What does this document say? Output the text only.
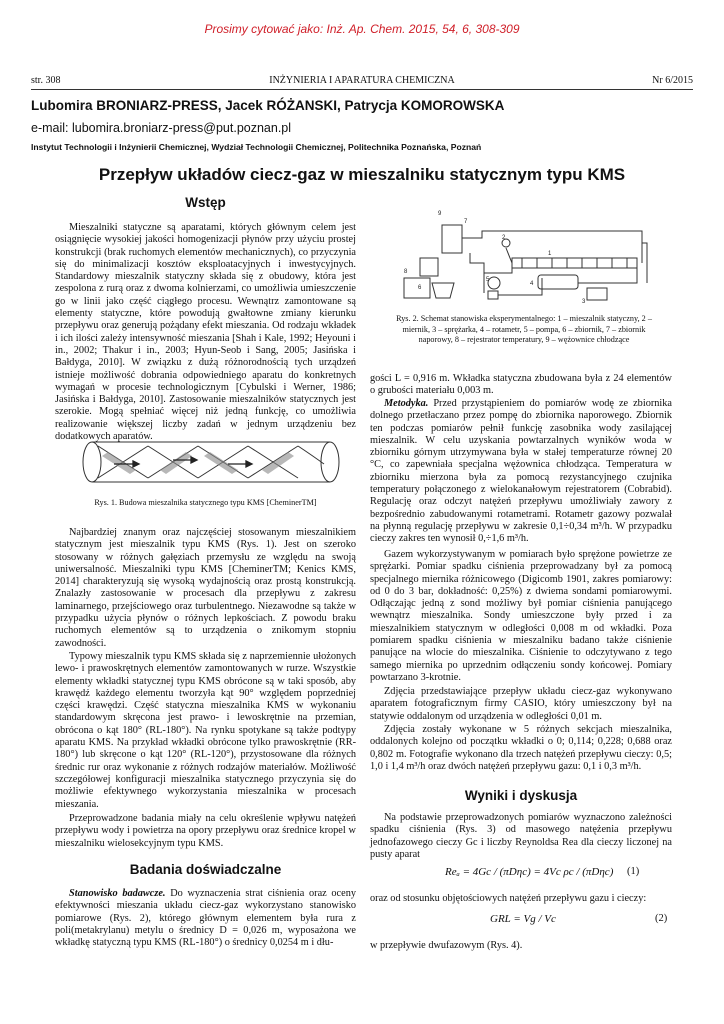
Prosimy cytować jako: Inż. Ap. Chem. 2015, 54, 6, 308-309
str. 308	INŻYNIERIA I APARATURA CHEMICZNA	Nr 6/2015
Lubomira BRONIARZ-PRESS, Jacek RÓŻANSKI, Patrycja KOMOROWSKA
e-mail: lubomira.broniarz-press@put.poznan.pl
Instytut Technologii i Inżynierii Chemicznej, Wydział Technologii Chemicznej, Politechnika Poznańska, Poznań
Przepływ układów ciecz-gaz w mieszalniku statycznym typu KMS
Wstęp

Mieszalniki statyczne są aparatami, których głównym celem jest osiągnięcie wysokiej jakości homogenizacji płynów przy użyciu prostej konstrukcji (brak ruchomych elementów mechanicznych), co przyczynia się do minimalizacji kosztów eksploatacyjnych i inwestycyjnych. Standardowy mieszalnik statyczny składa się z obudowy, która jest zespolona z rurą oraz z dwoma kolnierzami, co umożliwia umieszczenie go w linii jako część ciągłego procesu. Wewnątrz zamontowane są elementy statyczne, które powodują gwałtowne zmiany kierunku przepływu oraz generują pożądany efekt mieszania. Od rodzaju wkładek i ich ilości zależy intensywność mieszania [Shah i Kale, 1992; Heyouni i in., 2002; Thakur i in., 2003; Hyun-Seob i Sang, 2005; Jasińska i Bałdyga, 2010]. W związku z dużą różnorodnością tych urządzeń istnieje możliwość dobrania odpowiedniego aparatu do konkretnych wymagań w procesie technologicznym [Cybulski i Werner, 1986; Jasińska i Bałdyga, 2010]. Zastosowanie mieszalników statycznych jest szerokie. Mogą spełniać więcej niż jedną funkcję, co umożliwia realizowanie większej liczby zadań w jednym urządzeniu bez dodatkowych aparatów.

Rys. 1. Budowa mieszalnika statycznego typu KMS [CheminerTM]

Najbardziej znanym oraz najczęściej stosowanym mieszalnikiem statycznym jest mieszalnik typu KMS (Rys. 1). Jest on szeroko stosowany w różnych gałęziach przemysłu ze względu na swoją uniwersalność. Mieszalniki typu KMS [CheminerTM; Kenics KMS, 2014] charakteryzują się wysoką wydajnością oraz prostą konstrukcją. Znalazły zastosowanie w procesach dla przepływu z zakresu laminarnego, przejściowego oraz turbulentnego. Niezawodne są także w przypadku użycia płynów o różnych lepkościach. Z powodu braku ruchomych elementów są to urządzenia o znikomym stopniu zawodności.

Typowy mieszalnik typu KMS składa się z naprzemiennie ułożonych lewo- i prawoskrętnych elementów zamontowanych w rurze. Wszystkie elementy wkładki statycznej typu KMS obrócone są w taki sposób, aby krawędź każdego elementu tworzyła kąt 90° względem poprzedniej części krawędzi. Część statyczna mieszalnika KMS w wykonaniu standardowym skręcona jest prawo- i lewoskrętnie na przemian, obrócona o kąt 180° (RL-180°). Na rynku spotykane są także podtypy aparatu KMS. Na przykład wkładki obrócone tylko prawoskrętnie (RR-180°) lub skręcone o kąt 120° (RL-120°), przystosowane dla różnych średnic rur oraz wykonanie z różnych rodzajów materiałów. Możliwość szczegółowej konfiguracji mieszalnika statycznego przyczynia się do możliwie efektywnego wykorzystania mieszalnika w procesach mieszania.

Przeprowadzone badania miały na celu określenie wpływu natężeń przepływu wody i powietrza na opory przepływu oraz średnice kropel w mieszalniku wielosekcyjnym typu KMS.

Badania doświadczalne

Stanowisko badawcze. Do wyznaczenia strat ciśnienia oraz oceny efektywności mieszania układu ciecz-gaz wykorzystano stanowisko pomiarowe (Rys. 2), którego głównym elementem była rura z poli(metakrylanu) metylu o średnicy D = 0,026 m, wyposażona we wkładkę statyczną typu KMS (RL-180°) o średnicy 0,0254 m i dłu-

9
7
8
6
5
2
1
4
3
Rys. 2. Schemat stanowiska eksperymentalnego: 1 – mieszalnik statyczny, 2 – miernik, 3 – sprężarka, 4 – rotametr, 5 – pompa, 6 – zbiornik, 7 – zbiornik naporowy, 8 – rejestrator temperatury, 9 – wężownice chłodzące

gości L = 0,916 m. Wkładka statyczna zbudowana była z 24 elementów o grubości materiału 0,003 m.

Metodyka. Przed przystąpieniem do pomiarów wodę ze zbiornika dolnego przetłaczano przez pompę do zbiornika naporowego. Zbiornik ten podczas pomiarów pełnił funkcję zasobnika wody zasilającej mieszalnik. W celu uzyskania powtarzalnych wyników woda w zbiorniku górnym utrzymywana była w stałej temperaturze równej 20 °C, co zapewniała specjalna wężownica chłodząca. Temperatura w zbiorniku mierzona była za pomocą rezystancyjnego czujnika temperatury połączonego z wielokanałowym rejestratorem (Cobrabid). Regulację oraz odczyt natężeń przepływu umożliwiały zawory z bezpośrednio zabudowanymi rotametrami. Rotametr gazowy pozwalał na płynną regulację przepływu w zakresie 0,1÷0,34 m³/h. W przypadku cieczy zakres ten wynosił 0,÷1,6 m³/h.

Gazem wykorzystywanym w pomiarach było sprężone powietrze ze sprężarki. Pomiar spadku ciśnienia przeprowadzany był za pomocą specjalnego miernika różnicowego (Digicomb 1901, zakres pomiarowy: od 0 do 3 bar, dokładność: 0,25%) z dwiema sondami pomiarowymi. Odłączając jedną z sond możliwy był pomiar ciśnienia panującego wewnątrz mieszalnika. Sondy umieszczone były przed i za mieszalnikiem statycznym w odległości 0,008 m od wkładki. Poza pomiarem spadku ciśnienia w mieszalniku badano także ciśnienie panujące na wlocie do mieszalnika. Ciśnienie to odczytywano z tego samego miernika po uprzednim odłączeniu sondy końcowej. Pomiary powtarzano 3-krotnie.

Zdjęcia przedstawiające przepływ układu ciecz-gaz wykonywano aparatem fotograficznym firmy CASIO, który umieszczony był na statywie oddalonym od urządzenia w odległości 0,01 m.

Zdjęcia zostały wykonane w 5 różnych sekcjach mieszalnika, oddalonych kolejno od początku wkładki o 0; 0,114; 0,228; 0,688 oraz 0,802 m. Fotografie wykonano dla trzech natężeń przepływu cieczy: 0,5; 1,0 i 1,4 m³/h oraz dwóch natężeń przepływu gazu: 0,1 i 0,3 m³/h.

Wyniki i dyskusja

Na podstawie przeprowadzonych pomiarów wyznaczono zależności spadku ciśnienia (Rys. 3) od masowego natężenia przepływu jednofazowego cieczy Gc i liczby Reynoldsa Rea dla cieczy liczonej na pusty aparat

Reₐ = 4Gc / (πDηc) = 4Vc ρc / (πDηc) (1)

oraz od stosunku objętościowych natężeń przepływu gazu i cieczy:

GRL = Vg / Vc	(2)

w przepływie dwufazowym (Rys. 4).
